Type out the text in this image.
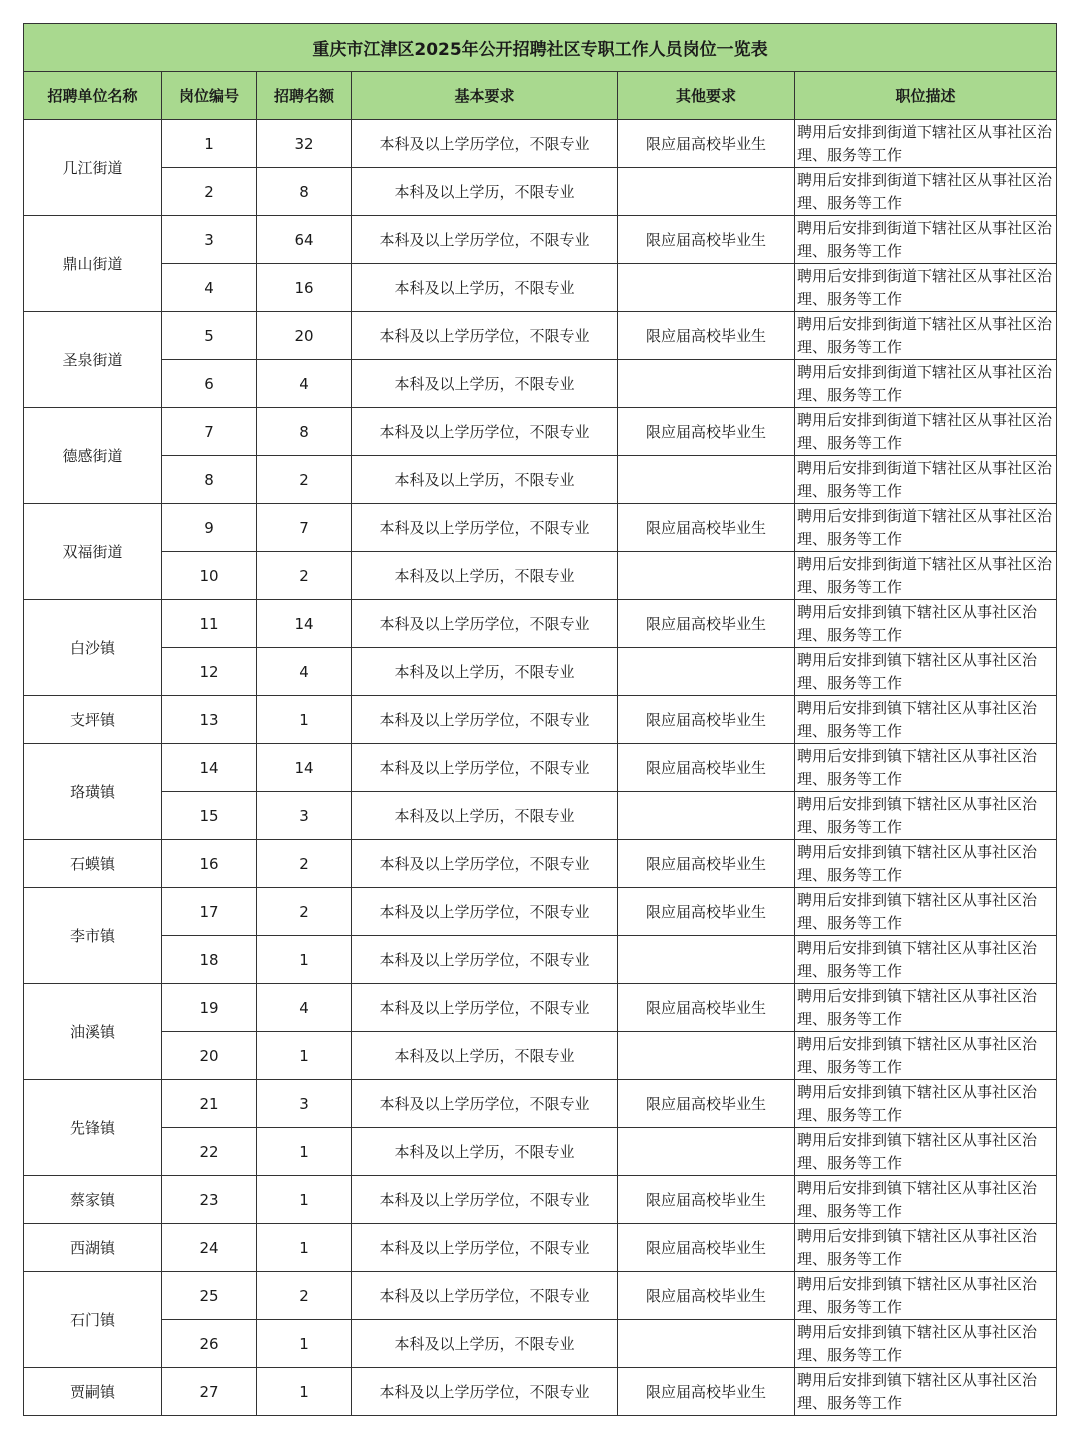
重庆市江津区2025年公开招聘社区专职工作人员岗位一览表					
招聘单位名称	岗位编号	招聘名额	基本要求	其他要求	职位描述
几江街道	1	32	本科及以上学历学位，不限专业	限应届高校毕业生	聘用后安排到街道下辖社区从事社区治理、服务等工作
	2	8	本科及以上学历，不限专业		聘用后安排到街道下辖社区从事社区治理、服务等工作
鼎山街道	3	64	本科及以上学历学位，不限专业	限应届高校毕业生	聘用后安排到街道下辖社区从事社区治理、服务等工作
	4	16	本科及以上学历，不限专业		聘用后安排到街道下辖社区从事社区治理、服务等工作
圣泉街道	5	20	本科及以上学历学位，不限专业	限应届高校毕业生	聘用后安排到街道下辖社区从事社区治理、服务等工作
	6	4	本科及以上学历，不限专业		聘用后安排到街道下辖社区从事社区治理、服务等工作
德感街道	7	8	本科及以上学历学位，不限专业	限应届高校毕业生	聘用后安排到街道下辖社区从事社区治理、服务等工作
	8	2	本科及以上学历，不限专业		聘用后安排到街道下辖社区从事社区治理、服务等工作
双福街道	9	7	本科及以上学历学位，不限专业	限应届高校毕业生	聘用后安排到街道下辖社区从事社区治理、服务等工作
	10	2	本科及以上学历，不限专业		聘用后安排到街道下辖社区从事社区治理、服务等工作
白沙镇	11	14	本科及以上学历学位，不限专业	限应届高校毕业生	聘用后安排到镇下辖社区从事社区治理、服务等工作
	12	4	本科及以上学历，不限专业		聘用后安排到镇下辖社区从事社区治理、服务等工作
支坪镇	13	1	本科及以上学历学位，不限专业	限应届高校毕业生	聘用后安排到镇下辖社区从事社区治理、服务等工作
珞璜镇	14	14	本科及以上学历学位，不限专业	限应届高校毕业生	聘用后安排到镇下辖社区从事社区治理、服务等工作
	15	3	本科及以上学历，不限专业		聘用后安排到镇下辖社区从事社区治理、服务等工作
石蟆镇	16	2	本科及以上学历学位，不限专业	限应届高校毕业生	聘用后安排到镇下辖社区从事社区治理、服务等工作
李市镇	17	2	本科及以上学历学位，不限专业	限应届高校毕业生	聘用后安排到镇下辖社区从事社区治理、服务等工作
	18	1	本科及以上学历学位，不限专业		聘用后安排到镇下辖社区从事社区治理、服务等工作
油溪镇	19	4	本科及以上学历学位，不限专业	限应届高校毕业生	聘用后安排到镇下辖社区从事社区治理、服务等工作
	20	1	本科及以上学历，不限专业		聘用后安排到镇下辖社区从事社区治理、服务等工作
先锋镇	21	3	本科及以上学历学位，不限专业	限应届高校毕业生	聘用后安排到镇下辖社区从事社区治理、服务等工作
	22	1	本科及以上学历，不限专业		聘用后安排到镇下辖社区从事社区治理、服务等工作
蔡家镇	23	1	本科及以上学历学位，不限专业	限应届高校毕业生	聘用后安排到镇下辖社区从事社区治理、服务等工作
西湖镇	24	1	本科及以上学历学位，不限专业	限应届高校毕业生	聘用后安排到镇下辖社区从事社区治理、服务等工作
石门镇	25	2	本科及以上学历学位，不限专业	限应届高校毕业生	聘用后安排到镇下辖社区从事社区治理、服务等工作
	26	1	本科及以上学历，不限专业		聘用后安排到镇下辖社区从事社区治理、服务等工作
贾嗣镇	27	1	本科及以上学历学位，不限专业	限应届高校毕业生	聘用后安排到镇下辖社区从事社区治理、服务等工作
